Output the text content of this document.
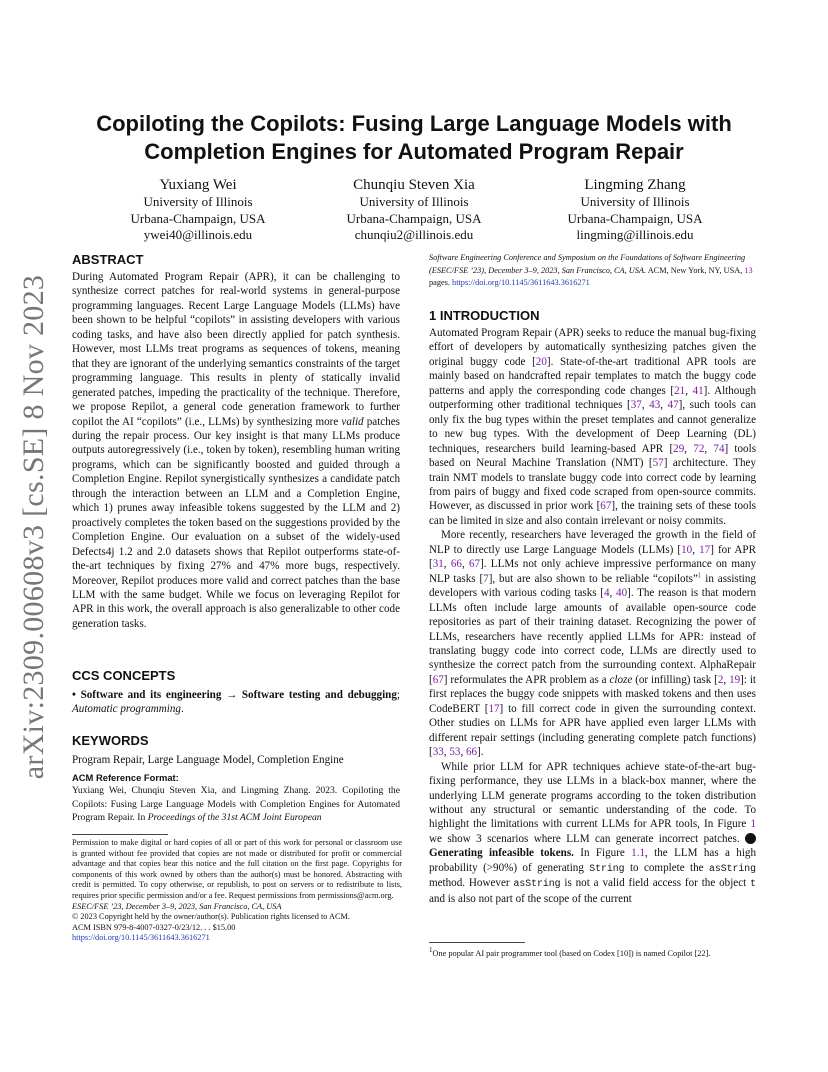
arXiv:2309.00608v3 [cs.SE] 8 Nov 2023
Copiloting the Copilots: Fusing Large Language Models with
Completion Engines for Automated Program Repair
Yuxiang Wei
University of Illinois
Urbana-Champaign, USA
ywei40@illinois.edu
Chunqiu Steven Xia
University of Illinois
Urbana-Champaign, USA
chunqiu2@illinois.edu
Lingming Zhang
University of Illinois
Urbana-Champaign, USA
lingming@illinois.edu
ABSTRACT

During Automated Program Repair (APR), it can be challenging to synthesize correct patches for real-world systems in general-purpose programming languages. Recent Large Language Models (LLMs) have been shown to be helpful “copilots” in assisting developers with various coding tasks, and have also been directly applied for patch synthesis. However, most LLMs treat programs as sequences of tokens, meaning that they are ignorant of the underlying semantics constraints of the target programming language. This results in plenty of statically invalid generated patches, impeding the practicality of the technique. Therefore, we propose Repilot, a general code generation framework to further copilot the AI “copilots” (i.e., LLMs) by synthesizing more valid patches during the repair process. Our key insight is that many LLMs produce outputs autoregressively (i.e., token by token), resembling human writing programs, which can be significantly boosted and guided through a Completion Engine. Repilot synergistically synthesizes a candidate patch through the interaction between an LLM and a Completion Engine, which 1) prunes away infeasible tokens suggested by the LLM and 2) proactively completes the token based on the suggestions provided by the Completion Engine. Our evaluation on a subset of the widely-used Defects4j 1.2 and 2.0 datasets shows that Repilot outperforms state-of-the-art techniques by fixing 27% and 47% more bugs, respectively. Moreover, Repilot produces more valid and correct patches than the base LLM with the same budget. While we focus on leveraging Repilot for APR in this work, the overall approach is also generalizable to other code generation tasks.

CCS CONCEPTS

• Software and its engineering → Software testing and debugging; Automatic programming.

KEYWORDS

Program Repair, Large Language Model, Completion Engine

ACM Reference Format:

Yuxiang Wei, Chunqiu Steven Xia, and Lingming Zhang. 2023. Copiloting the Copilots: Fusing Large Language Models with Completion Engines for Automated Program Repair. In Proceedings of the 31st ACM Joint European

Permission to make digital or hard copies of all or part of this work for personal or classroom use is granted without fee provided that copies are not made or distributed for profit or commercial advantage and that copies bear this notice and the full citation on the first page. Copyrights for components of this work owned by others than the author(s) must be honored. Abstracting with credit is permitted. To copy otherwise, or republish, to post on servers or to redistribute to lists, requires prior specific permission and/or a fee. Request permissions from permissions@acm.org.

ESEC/FSE ’23, December 3–9, 2023, San Francisco, CA, USA

© 2023 Copyright held by the owner/author(s). Publication rights licensed to ACM.

ACM ISBN 979-8-4007-0327-0/23/12. . . $15.00

https://doi.org/10.1145/3611643.3616271

Software Engineering Conference and Symposium on the Foundations of Software Engineering (ESEC/FSE ’23), December 3–9, 2023, San Francisco, CA, USA. ACM, New York, NY, USA, 13 pages. https://doi.org/10.1145/3611643.3616271
1 INTRODUCTION

Automated Program Repair (APR) seeks to reduce the manual bug-fixing effort of developers by automatically synthesizing patches given the original buggy code [20]. State-of-the-art traditional APR tools are mainly based on handcrafted repair templates to match the buggy code patterns and apply the corresponding code changes [21, 41]. Although outperforming other traditional techniques [37, 43, 47], such tools can only fix the bug types within the preset templates and cannot generalize to new bug types. With the development of Deep Learning (DL) techniques, researchers build learning-based APR [29, 72, 74] tools based on Neural Machine Translation (NMT) [57] architecture. They train NMT models to translate buggy code into correct code by learning from pairs of buggy and fixed code scraped from open-source commits. However, as discussed in prior work [67], the training sets of these tools can be limited in size and also contain irrelevant or noisy commits.

More recently, researchers have leveraged the growth in the field of NLP to directly use Large Language Models (LLMs) [10, 17] for APR [31, 66, 67]. LLMs not only achieve impressive performance on many NLP tasks [7], but are also shown to be reliable “copilots”$^1$ in assisting developers with various coding tasks [4, 40]. The reason is that modern LLMs often include large amounts of available open-source code repositories as part of their training dataset. Recognizing the power of LLMs, researchers have recently applied LLMs for APR: instead of translating buggy code into correct code, LLMs are directly used to synthesize the correct patch from the surrounding context. AlphaRepair [67] reformulates the APR problem as a cloze (or infilling) task [2, 19]: it first replaces the buggy code snippets with masked tokens and then uses CodeBERT [17] to fill correct code in given the surrounding context. Other studies on LLMs for APR have applied even larger LLMs with different repair settings (including generating complete patch functions) [33, 53, 66].

While prior LLM for APR techniques achieve state-of-the-art bug-fixing performance, they use LLMs in a black-box manner, where the underlying LLM generate programs according to the token distribution without any structural or semantic understanding of the code. To highlight the limitations with current LLMs for APR tools, In Figure 1 we show 3 scenarios where LLM can generate incorrect patches. 1 Generating infeasible tokens. In Figure 1.1, the LLM has a high probability (>90%) of generating String to complete the asString method. However asString is not a valid field access for the object t and is also not part of the scope of the current

$^1$One popular AI pair programmer tool (based on Codex [10]) is named Copilot [22].
